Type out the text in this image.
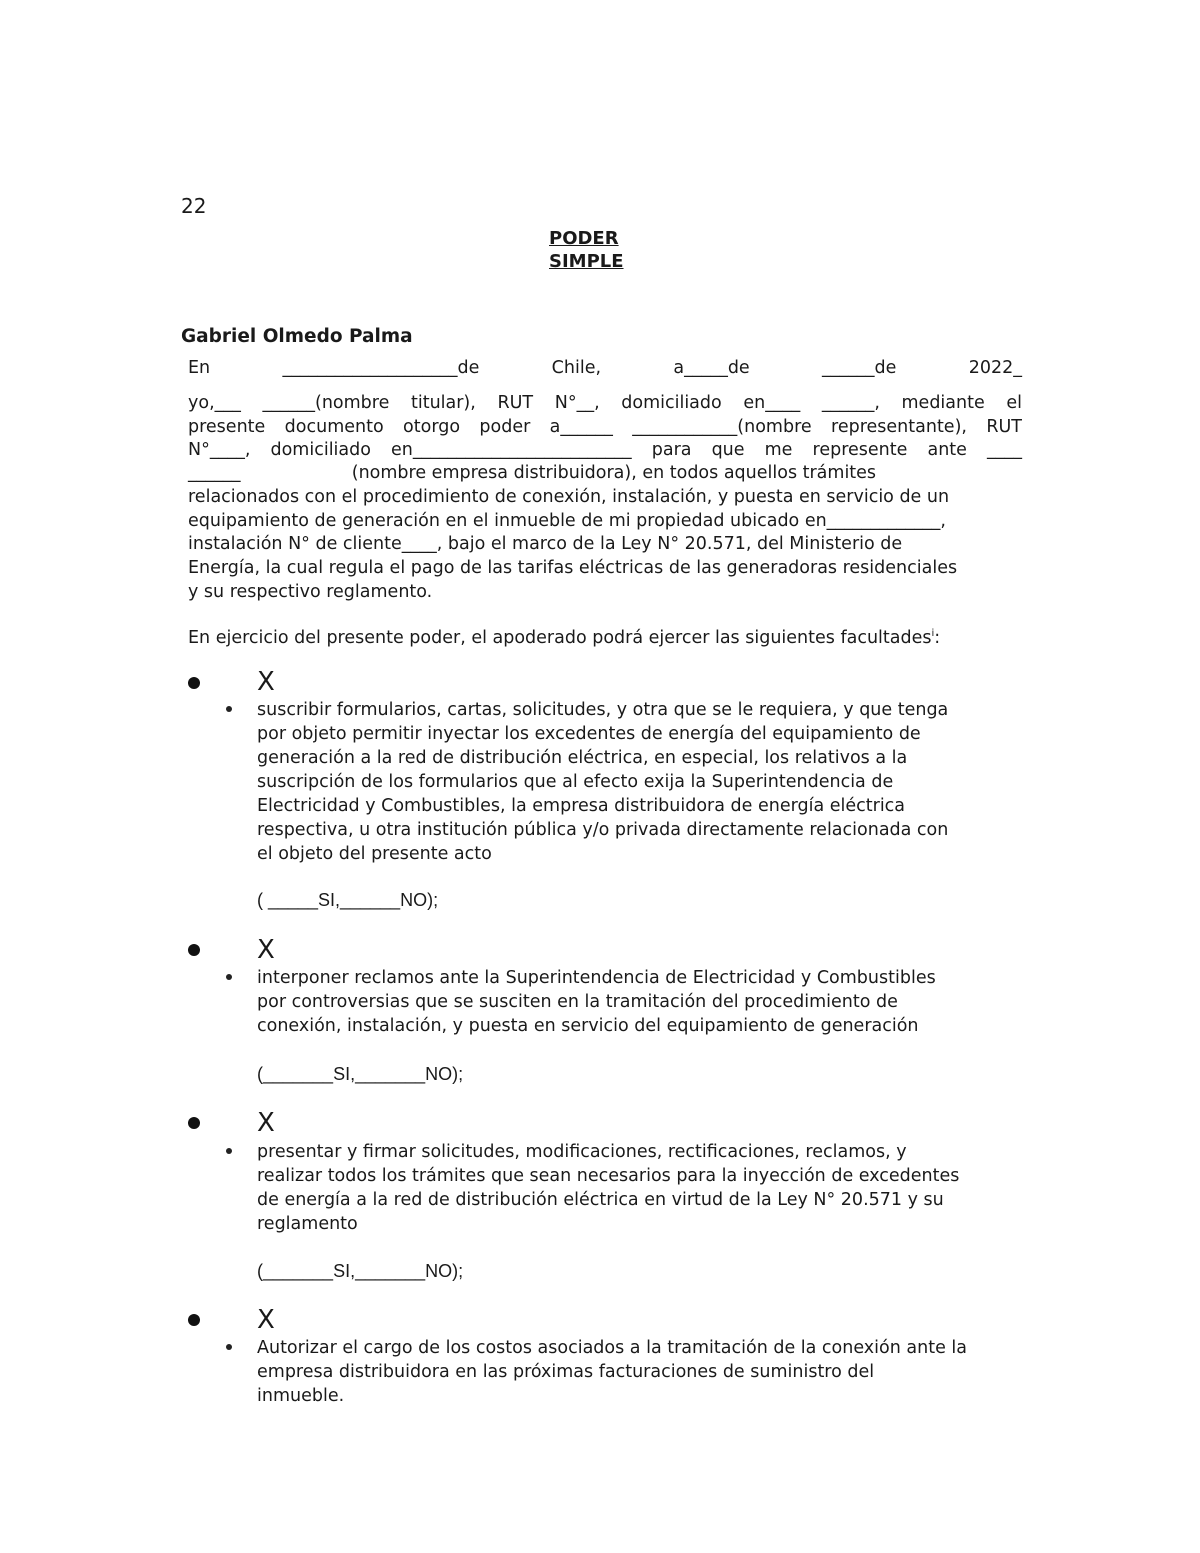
22
PODER
SIMPLE
Gabriel Olmedo Palma
En ____________________de Chile, a_____de ______de 2022_

yo,___ ______(nombre titular), RUT N°__, domiciliado en____ ______, mediante el

presente documento otorgo poder a______ ____________(nombre representante), RUT

N°____, domiciliado en_________________________ para que me represente ante ____

______                    (nombre empresa distribuidora), en todos aquellos trámites

relacionados con el procedimiento de conexión, instalación, y puesta en servicio de un

equipamiento de generación en el inmueble de mi propiedad ubicado en_____________,

instalación N° de cliente____, bajo el marco de la Ley N° 20.571, del Ministerio de

Energía, la cual regula el pago de las tarifas eléctricas de las generadoras residenciales

y su respectivo reglamento.

En ejercicio del presente poder, el apoderado podrá ejercer las siguientes facultades$^i$:

X

suscribir formularios, cartas, solicitudes, y otra que se le requiera, y que tenga
por objeto permitir inyectar los excedentes de energía del equipamiento de
generación a la red de distribución eléctrica, en especial, los relativos a la
suscripción de los formularios que al efecto exija la Superintendencia de
Electricidad y Combustibles, la empresa distribuidora de energía eléctrica
respectiva, u otra institución pública y/o privada directamente relacionada con
el objeto del presente acto

( _____SI,______NO);
X

interponer reclamos ante la Superintendencia de Electricidad y Combustibles
por controversias que se susciten en la tramitación del procedimiento de
conexión, instalación, y puesta en servicio del equipamiento de generación

(_______SI,_______NO);
X

presentar y firmar solicitudes, modificaciones, rectificaciones, reclamos, y
realizar todos los trámites que sean necesarios para la inyección de excedentes
de energía a la red de distribución eléctrica en virtud de la Ley N° 20.571 y su
reglamento

(_______SI,_______NO);
X

Autorizar el cargo de los costos asociados a la tramitación de la conexión ante la
empresa distribuidora en las próximas facturaciones de suministro del
inmueble.
